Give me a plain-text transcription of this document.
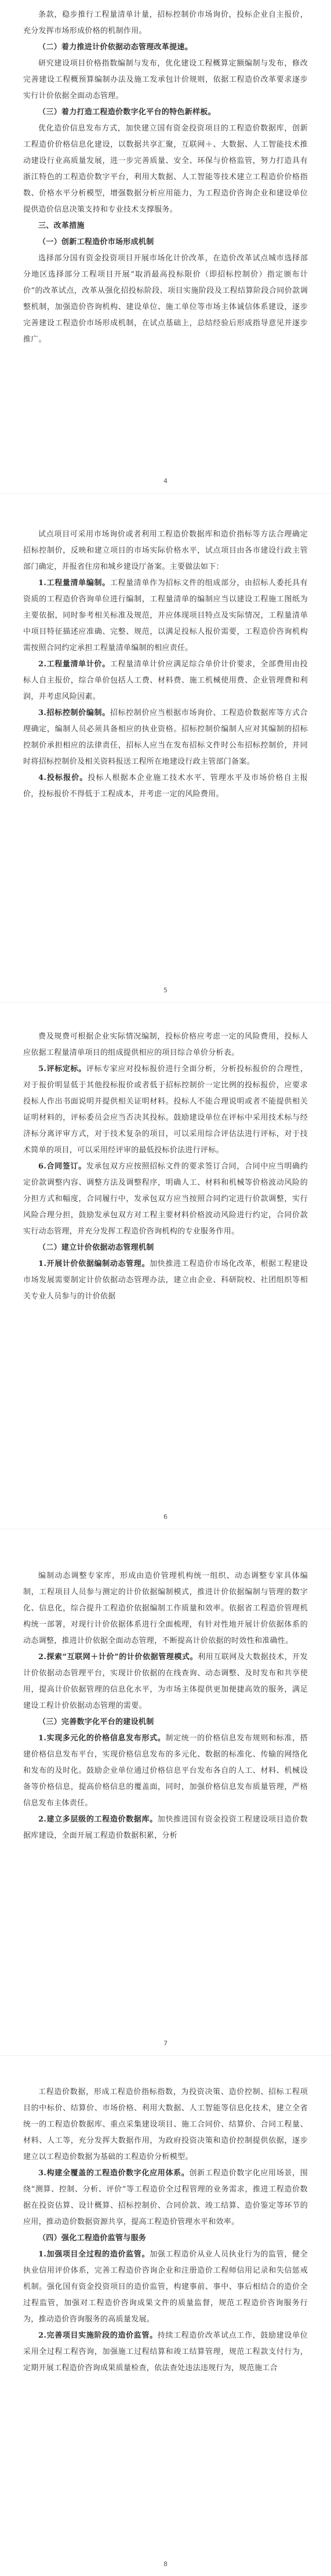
条款，稳步推行工程量清单计量，招标控制价市场询价，投标企业自主报价，充分发挥市场形成价格的机制作用。

（二）着力推进计价依据动态管理改革提速。

研究建设项目价格指数编制与发布，优化建设工程概算定额编制与发布，修改完善建设工程概预算编制办法及施工发承包计价规则，依据工程造价改革要求逐步实行计价依据全面动态管理。

（三）着力打造工程造价数字化平台的特色新样板。

优化造价信息发布方式，加快建立国有资金投资项目的工程造价数据库，创新工程造价价格信息化建设，以数据共享汇聚，互联网＋、大数据、人工智能技术推动建设行业高质量发展，进一步完善质量、安全、环保与价格监管，努力打造具有浙江特色的工程造价数字平台，利用大数据、人工智能等技术建立工程造价价格指数、价格水平分析模型，增强数据分析应用能力，为工程造价咨询企业和建设单位提供造价信息决策支持和专业技术支撑服务。

三、改革措施

（一）创新工程造价市场形成机制

选择部分国有资金投资项目开展市场化计价改革，在造价改革试点城市选择部分地区选择部分工程项目开展“取消最高投标限价（即招标控制价）指定颁布计价”的改革试点，改革从强化招投标阶段、项目实施阶段及工程结算阶段合同价款调整机制，加强造价咨询机构、建设单位、施工单位等市场主体诚信体系建设，逐步完善建设工程造价市场形成机制，在试点基础上，总结经验后形成指导意见并逐步推广。

4

试点项目可采用市场询价或者利用工程造价数据库和造价指标等方法合理确定招标控制价，反映和建立项目的市场实际价格水平，试点项目由各市建设行政主管部门确定，并报省住房和城乡建设厅备案。主要做法如下：

1.工程量清单编制。工程量清单作为招标文件的组成部分，由招标人委托具有资质的工程造价咨询单位进行编制，工程量清单的编制应当以建设工程施工图纸为主要依据，同时参考相关标准及规范，并应体现项目特点及实际情况，工程量清单中项目特征描述应准确、完整、规范，以满足投标人报价需要，工程造价咨询机构需按照合同约定承担工程量清单编制的相应责任。

2.工程量清单计价。工程量清单计价应满足综合单价计价要求，全部费用由投标人自主报价，综合单价包括人工费、材料费、施工机械使用费、企业管理费和利润，并考虑风险因素。

3.招标控制价编制。招标控制价应当根据市场询价、工程造价数据库等方式合理确定，编制人员必须具备相应的执业资格。招标控制价编制人应对其编制的招标控制价承担相应的法律责任，招标人应当在发布招标文件时公布招标控制价，并同时将招标控制价及相关资料报送工程所在地建设行政主管部门备案。

4.投标报价。投标人根据本企业施工技术水平、管理水平及市场价格自主报价，投标报价不得低于工程成本，并考虑一定的风险费用。

5

费及规费可根据企业实际情况编制，投标价格应考虑一定的风险费用，投标人应依据工程量清单项目的组成提供相应的项目综合单价分析表。

5.评标定标。评标专家应对投标报价进行全面分析，分析投标报价的合理性，对于报价明显低于其他投标报价或者低于招标控制价一定比例的投标报价，应要求投标人作出书面说明并提供相关证明材料。投标人不能合理说明或者不能提供相关证明材料的，评标委员会应当否决其投标。鼓励建设单位在评标中采用技术标与经济标分离评审方式，对于技术复杂的项目，可以采用综合评估法进行评标，对于技术简单的项目，可以采用经评审的最低投标价法进行评标。

6.合同签订。发承包双方应按照招标文件的要求签订合同，合同中应当明确约定价款调整内容、调整方法及调整程序，明确人工、材料和机械等价格波动风险的分担方式和幅度，合同履行中，发承包双方应当按照合同约定进行价款调整，实行风险合理分担，鼓励发承包双方对工程主要材料价格波动风险进行约定，合同价款实行动态管理，并充分发挥工程造价咨询机构的专业服务作用。

（二）建立计价依据动态管理机制

1.开展计价依据编制动态管理。加快推进工程造价市场化改革，根据工程建设市场发展需要制定计价依据动态管理办法，建立由企业、科研院校、社团组织等相关专业人员参与的计价依据

6

编制动态调整专家库，形成由造价管理机构统一组织、动态调整专家具体编制，工程项目人员参与测定的计价依据编制模式，推进计价依据编制与管理的数字化、信息化，综合提升工程造价依据编制工作质量和效率。依据省工程造价管理机构统一部署，对现行计价依据体系进行全面梳理，有针对性地开展计价依据体系的动态调整，推进计价依据全面动态管理，不断提高计价依据的时效性和准确性。

2.探索“互联网＋计价”的计价依据管理模式。利用互联网及大数据技术，开发计价依据动态管理平台，实现计价依据的在线查询、动态调整、及时发布和共享使用，提高计价依据管理的信息化水平，为市场主体提供更加便捷高效的服务，满足建设工程计价依据动态管理的需要。

（三）完善数字化平台的建设机制

1.实现多元化的价格信息发布形式。制定统一的价格信息发布规则和标准，搭建价格信息发布平台，实现价格信息发布的多元化、数据的标准化、传输的网络化和发布的及时化。鼓励企业单位通过价格信息平台发布各自的人工、材料、机械设备等价格信息，提高价格信息的覆盖面，同时，加强价格信息发布质量管理，严格信息发布主体责任。

2.建立多层级的工程造价数据库。加快推进国有资金投资工程建设项目造价数据库建设，全面开展工程造价数据积累，分析

7

工程造价数据，形成工程造价指标指数，为投资决策、造价控制、招标工程项目的中标价、结算价、市场价格、利用大数据、人工智能等信息化技术，建立全省统一的工程造价数据库、重点采集建设项目、施工合同价、结算价、合同工程量、材料、人工等，充分发挥大数据作用，为政府投资决策和造价控制提供依据，逐步建立以工程造价数据为基础的工程造价分析模型。

3.构建全覆盖的工程造价数字化应用体系。创新工程造价数字化应用场景，围绕“测算、控制、分析、评价”等工程造价全过程管理的业务需求，推进工程造价数据在投资估算、设计概算、招标控制价、合同价款、竣工结算、造价鉴定等环节的应用，推动造价数据资源共享，提高工程造价管理水平和效率。

（四）强化工程造价监管与服务

1.加强项目全过程的造价监管。加强工程造价从业人员执业行为的监管，健全执业信用评价体系，完善工程造价咨询企业和注册造价工程师信用记录和失信惩戒机制。强化国有资金投资项目的造价监管，构建事前、事中、事后相结合的造价全过程监管，加强对工程造价咨询成果文件的质量监督，规范工程造价咨询服务行为，推动造价咨询服务的高质量发展。

2.完善项目实施阶段的造价监管。持续工程造价改革试点工作，鼓励建设单位采用全过程工程咨询，加强施工过程结算和竣工结算管理，规范工程款支付行为，定期开展工程造价咨询成果质量检查，依法查处违法违规行为，规范施工合

8
